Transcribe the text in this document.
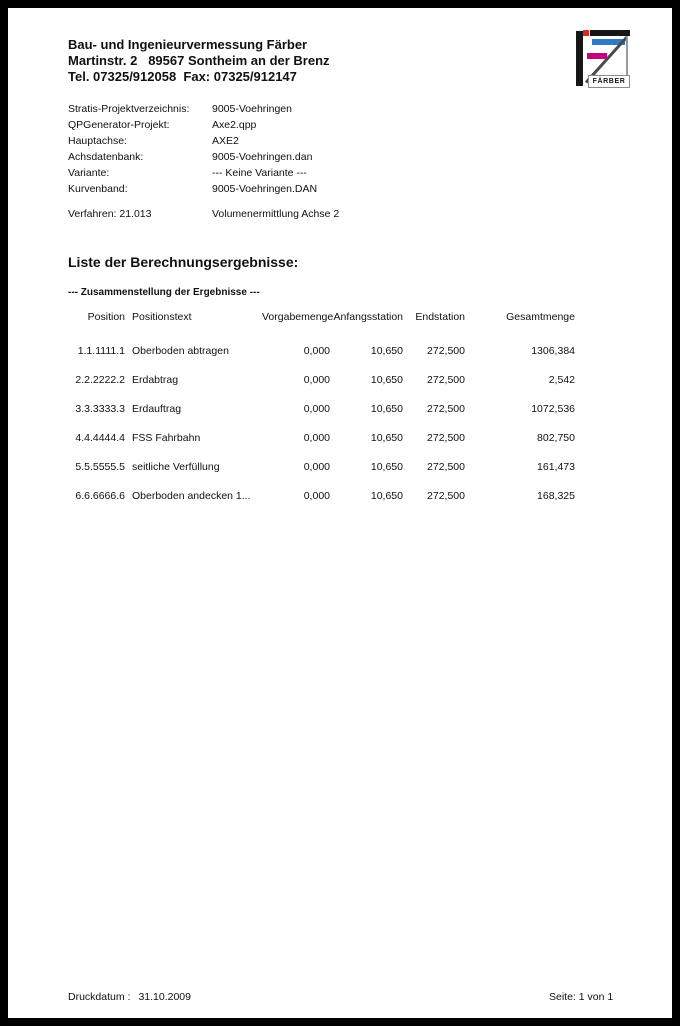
Bau- und Ingenieurvermessung Färber
Martinstr. 2   89567 Sontheim an der Brenz
Tel. 07325/912058  Fax: 07325/912147	FÄRBER
Stratis-Projektverzeichnis: 9005-Voehringen
QPGenerator-Projekt:	Axe2.qpp
Hauptachse:	AXE2
Achsdatenbank:	9005-Voehringen.dan
Variante:	--- Keine Variante ---
Kurvenband:	9005-Voehringen.DAN
Verfahren: 21.013	Volumenermittlung Achse 2
Liste der Berechnungsergebnisse:
--- Zusammenstellung der Ergebnisse ---
Position Positionstext	Vorgabemenge Anfangsstation	Endstation	Gesamtmenge
1.1.1111.1 Oberboden abtragen	0,000	10,650	272,500	1306,384
2.2.2222.2 Erdabtrag	0,000	10,650	272,500	2,542
3.3.3333.3 Erdauftrag	0,000	10,650	272,500	1072,536
4.4.4444.4 FSS Fahrbahn	0,000	10,650	272,500	802,750
5.5.5555.5 seitliche Verfüllung	0,000	10,650	272,500	161,473
6.6.6666.6 Oberboden andecken 1...	0,000	10,650	272,500	168,325
Druckdatum : 31.10.2009	Seite: 1 von 1
